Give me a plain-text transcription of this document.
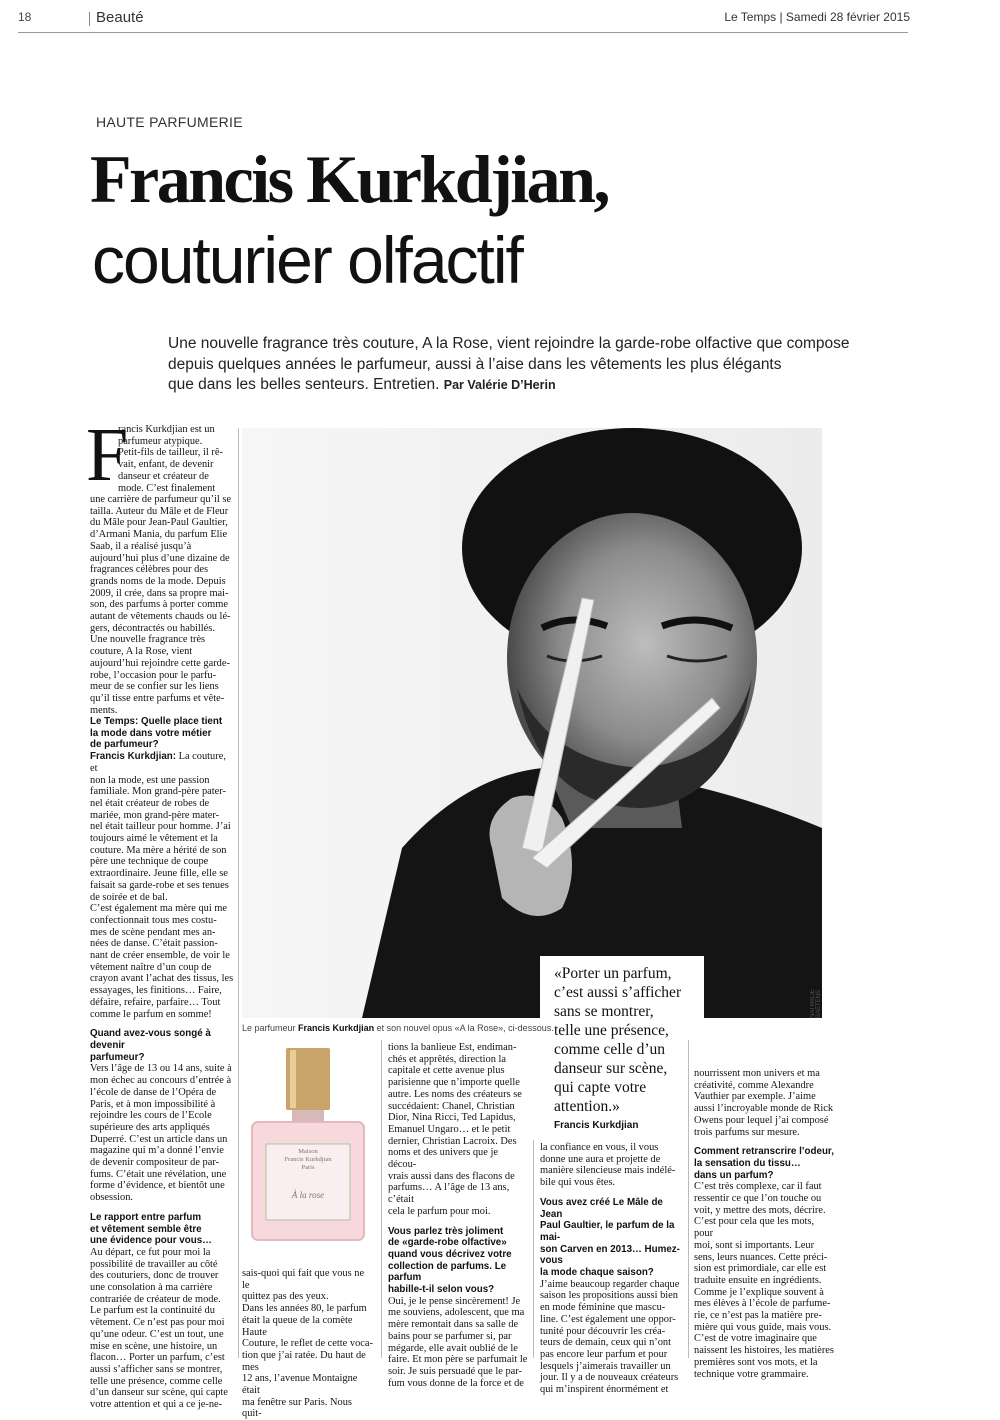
18	Beauté	Le Temps | Samedi 28 février 2015
HAUTE PARFUMERIE
Francis Kurkdjian,
couturier olfactif
Une nouvelle fragrance très couture, A la Rose, vient rejoindre la garde-robe olfactive que compose
depuis quelques années le parfumeur, aussi à l’aise dans les vêtements les plus élégants
que dans les belles senteurs. Entretien. Par Valérie D’Herin
F
rancis Kurkdjian est un
parfumeur atypique.
Petit-fils de tailleur, il rê-
vait, enfant, de devenir
danseur et créateur de
mode. C’est finalement
une carrière de parfumeur qu’il se
tailla. Auteur du Mâle et de Fleur
du Mâle pour Jean-Paul Gaultier,
d’Armani Mania, du parfum Elie
Saab, il a réalisé jusqu’à
aujourd’hui plus d’une dizaine de
fragrances célèbres pour des
grands noms de la mode. Depuis
2009, il crée, dans sa propre mai-
son, des parfums à porter comme
autant de vêtements chauds ou lé-
gers, décontractés ou habillés.
Une nouvelle fragrance très
couture, A la Rose, vient
aujourd’hui rejoindre cette garde-
robe, l’occasion pour le parfu-
meur de se confier sur les liens
qu’il tisse entre parfums et vête-
ments.
Le Temps: Quelle place tient
la mode dans votre métier
de parfumeur?
Francis Kurkdjian: La couture, et
non la mode, est une passion
familiale. Mon grand-père pater-
nel était créateur de robes de
mariée, mon grand-père mater-
nel était tailleur pour homme. J’ai
toujours aimé le vêtement et la
couture. Ma mère a hérité de son
père une technique de coupe
extraordinaire. Jeune fille, elle se
faisait sa garde-robe et ses tenues
de soirée et de bal.
C’est également ma mère qui me
confectionnait tous mes costu-
mes de scène pendant mes an-
nées de danse. C’était passion-
nant de créer ensemble, de voir le
vêtement naître d’un coup de
crayon avant l’achat des tissus, les
essayages, les finitions… Faire,
défaire, refaire, parfaire… Tout
comme le parfum en somme!
Quand avez-vous songé à devenir
parfumeur?
Vers l’âge de 13 ou 14 ans, suite à
mon échec au concours d’entrée à
l’école de danse de l’Opéra de
Paris, et à mon impossibilité à
rejoindre les cours de l’Ecole
supérieure des arts appliqués
Duperré. C’est un article dans un
magazine qui m’a donné l’envie
de devenir compositeur de par-
fums. C’était une révélation, une
forme d’évidence, et bientôt une
obsession.
Le rapport entre parfum
et vêtement semble être
une évidence pour vous…
Au départ, ce fut pour moi la
possibilité de travailler au côté
des couturiers, donc de trouver
une consolation à ma carrière
contrariée de créateur de mode.
Le parfum est la continuité du
vêtement. Ce n’est pas pour moi
qu’une odeur. C’est un tout, une
mise en scène, une histoire, un
flacon… Porter un parfum, c’est
aussi s’afficher sans se montrer,
telle une présence, comme celle
d’un danseur sur scène, qui capte
votre attention et qui a ce je-ne-
NATHALIE BAETENS
«Porter un parfum,
c’est aussi s’afficher
sans se montrer,
telle une présence,
comme celle d’un
danseur sur scène,
qui capte votre
attention.»
Francis Kurkdjian
Le parfumeur Francis Kurkdjian et son nouvel opus «A la Rose», ci-dessous.
Maison
Francis Kurkdjian
Paris
À la rose
sais-quoi qui fait que vous ne le
quittez pas des yeux.
Dans les années 80, le parfum
était la queue de la comète Haute
Couture, le reflet de cette voca-
tion que j’ai ratée. Du haut de mes
12 ans, l’avenue Montaigne était
ma fenêtre sur Paris. Nous quit-
tions la banlieue Est, endiman-
chés et apprêtés, direction la
capitale et cette avenue plus
parisienne que n’importe quelle
autre. Les noms des créateurs se
succédaient: Chanel, Christian
Dior, Nina Ricci, Ted Lapidus,
Emanuel Ungaro… et le petit
dernier, Christian Lacroix. Des
noms et des univers que je décou-
vrais aussi dans des flacons de
parfums… A l’âge de 13 ans, c’était
cela le parfum pour moi.
Vous parlez très joliment
de «garde-robe olfactive»
quand vous décrivez votre
collection de parfums. Le parfum
habille-t-il selon vous?
Oui, je le pense sincèrement! Je
me souviens, adolescent, que ma
mère remontait dans sa salle de
bains pour se parfumer si, par
mégarde, elle avait oublié de le
faire. Et mon père se parfumait le
soir. Je suis persuadé que le par-
fum vous donne de la force et de
la confiance en vous, il vous
donne une aura et projette de
manière silencieuse mais indélé-
bile qui vous êtes.
Vous avez créé Le Mâle de Jean
Paul Gaultier, le parfum de la mai-
son Carven en 2013… Humez-vous
la mode chaque saison?
J’aime beaucoup regarder chaque
saison les propositions aussi bien
en mode féminine que mascu-
line. C’est également une oppor-
tunité pour découvrir les créa-
teurs de demain, ceux qui n’ont
pas encore leur parfum et pour
lesquels j’aimerais travailler un
jour. Il y a de nouveaux créateurs
qui m’inspirent énormément et
nourrissent mon univers et ma
créativité, comme Alexandre
Vauthier par exemple. J’aime
aussi l’incroyable monde de Rick
Owens pour lequel j’ai composé
trois parfums sur mesure.
Comment retranscrire l’odeur,
la sensation du tissu…
dans un parfum?
C’est très complexe, car il faut
ressentir ce que l’on touche ou
voit, y mettre des mots, décrire.
C’est pour cela que les mots, pour
moi, sont si importants. Leur
sens, leurs nuances. Cette préci-
sion est primordiale, car elle est
traduite ensuite en ingrédients.
Comme je l’explique souvent à
mes élèves à l’école de parfume-
rie, ce n’est pas la matière pre-
mière qui vous guide, mais vous.
C’est de votre imaginaire que
naissent les histoires, les matières
premières sont vos mots, et la
technique votre grammaire.
